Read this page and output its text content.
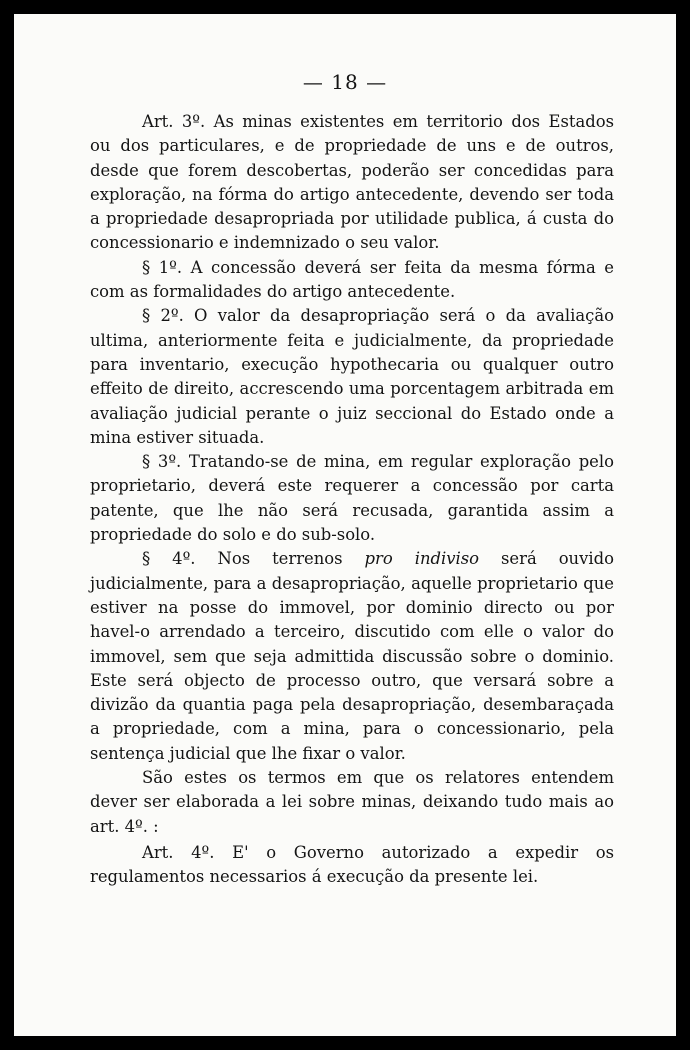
— 18 —

Art. 3º. As minas existentes em territorio dos Estados ou dos particulares, e de propriedade de uns e de outros, desde que forem descobertas, poderão ser concedidas para exploração, na fórma do artigo antecedente, devendo ser toda a propriedade desapropriada por utilidade publica, á custa do concessionario e indemnizado o seu valor.

§ 1º. A concessão deverá ser feita da mesma fórma e com as formalidades do artigo antecedente.

§ 2º. O valor da desapropriação será o da avaliação ultima, anteriormente feita e judicialmente, da propriedade para inventario, execução hypothecaria ou qualquer outro effeito de direito, accrescendo uma porcentagem arbitrada em avaliação judicial perante o juiz seccional do Estado onde a mina estiver situada.

§ 3º. Tratando-se de mina, em regular exploração pelo proprietario, deverá este requerer a concessão por carta patente, que lhe não será recusada, garantida assim a propriedade do solo e do sub-solo.

§ 4º. Nos terrenos pro indiviso será ouvido judicialmente, para a desapropriação, aquelle proprietario que estiver na posse do immovel, por dominio directo ou por havel-o arrendado a terceiro, discutido com elle o valor do immovel, sem que seja admittida discussão sobre o dominio. Este será objecto de processo outro, que versará sobre a divizão da quantia paga pela desapropriação, desembaraçada a propriedade, com a mina, para o concessionario, pela sentença judicial que lhe fixar o valor.

São estes os termos em que os relatores entendem dever ser elaborada a lei sobre minas, deixando tudo mais ao art. 4º. :

Art. 4º. E' o Governo autorizado a expedir os regulamentos necessarios á execução da presente lei.
